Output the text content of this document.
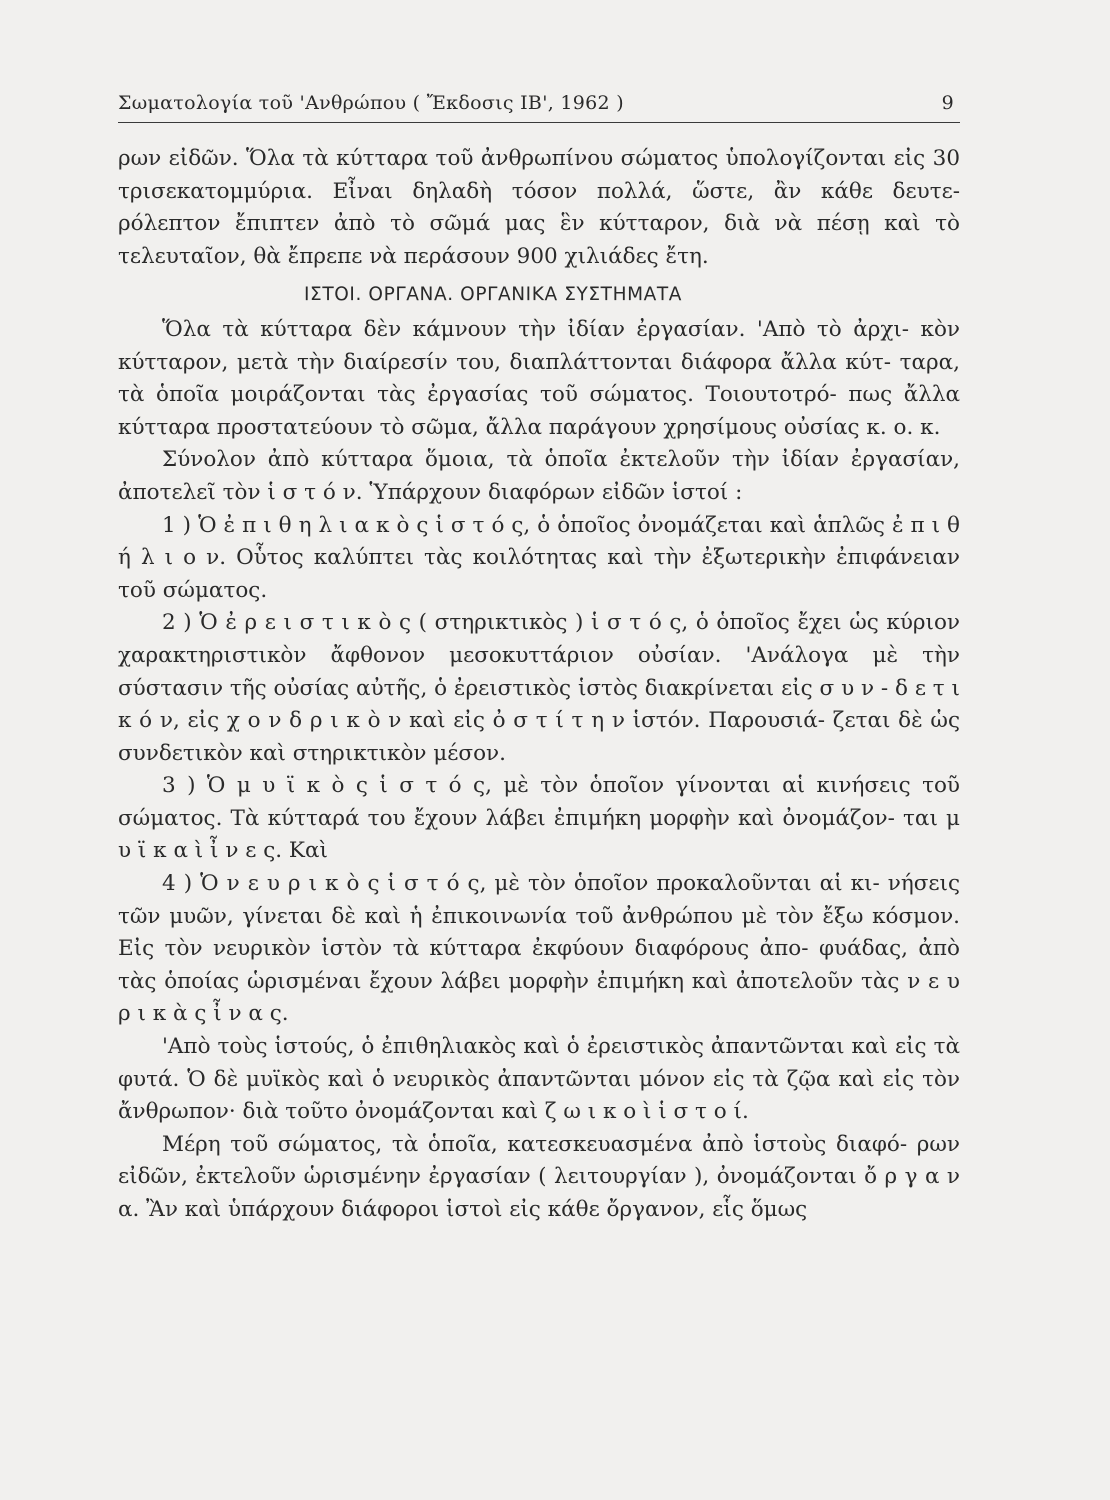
Σωματολογία τοῦ 'Ανθρώπου ( Ἔκδοσις ΙΒ', 1962 )	9

ρων εἰδῶν. Ὅλα τὰ κύτταρα τοῦ ἀνθρωπίνου σώματος ὑπολογίζονται εἰς 30 τρισεκατομμύρια. Εἶναι δηλαδὴ τόσον πολλά, ὥστε, ἂν κάθε δευτε- ρόλεπτον ἔπιπτεν ἀπὸ τὸ σῶμά μας ἓν κύτταρον, διὰ νὰ πέσῃ καὶ τὸ τελευταῖον, θὰ ἔπρεπε νὰ περάσουν 900 χιλιάδες ἔτη.

ΙΣΤΟΙ. ΟΡΓΑΝΑ. ΟΡΓΑΝΙΚΑ ΣΥΣΤΗΜΑΤΑ

Ὅλα τὰ κύτταρα δὲν κάμνουν τὴν ἰδίαν ἐργασίαν. 'Απὸ τὸ ἀρχι- κὸν κύτταρον, μετὰ τὴν διαίρεσίν του, διαπλάττονται διάφορα ἄλλα κύτ- ταρα, τὰ ὁποῖα μοιράζονται τὰς ἐργασίας τοῦ σώματος. Τοιουτοτρό- πως ἄλλα κύτταρα προστατεύουν τὸ σῶμα, ἄλλα παράγουν χρησίμους οὐσίας κ. ο. κ.

Σύνολον ἀπὸ κύτταρα ὅμοια, τὰ ὁποῖα ἐκτελοῦν τὴν ἰδίαν ἐργασίαν, ἀποτελεῖ τὸν ἱ σ τ ό ν. Ὑπάρχουν διαφόρων εἰδῶν ἱστοί :

1 ) Ὁ ἐ π ι θ η λ ι α κ ὸ ς ἱ σ τ ό ς, ὁ ὁποῖος ὀνομάζεται καὶ ἁπλῶς ἐ π ι θ ή λ ι ο ν. Οὗτος καλύπτει τὰς κοιλότητας καὶ τὴν ἐξωτερικὴν ἐπιφάνειαν τοῦ σώματος.

2 ) Ὁ ἐ ρ ε ι σ τ ι κ ὸ ς ( στηρικτικὸς ) ἱ σ τ ό ς, ὁ ὁποῖος ἔχει ὡς κύριον χαρακτηριστικὸν ἄφθονον μεσοκυττάριον οὐσίαν. 'Ανάλογα μὲ τὴν σύστασιν τῆς οὐσίας αὐτῆς, ὁ ἐρειστικὸς ἱστὸς διακρίνεται εἰς σ υ ν - δ ε τ ι κ ό ν, εἰς χ ο ν δ ρ ι κ ὸ ν καὶ εἰς ὀ σ τ ί τ η ν ἱστόν. Παρουσιά- ζεται δὲ ὡς συνδετικὸν καὶ στηρικτικὸν μέσον.

3 ) Ὁ μ υ ϊ κ ὸ ς ἱ σ τ ό ς, μὲ τὸν ὁποῖον γίνονται αἱ κινήσεις τοῦ σώματος. Τὰ κύτταρά του ἔχουν λάβει ἐπιμήκη μορφὴν καὶ ὀνομάζον- ται μ υ ϊ κ α ὶ ἶ ν ε ς. Καὶ

4 ) Ὁ ν ε υ ρ ι κ ὸ ς ἱ σ τ ό ς, μὲ τὸν ὁποῖον προκαλοῦνται αἱ κι- νήσεις τῶν μυῶν, γίνεται δὲ καὶ ἡ ἐπικοινωνία τοῦ ἀνθρώπου μὲ τὸν ἔξω κόσμον. Εἰς τὸν νευρικὸν ἱστὸν τὰ κύτταρα ἐκφύουν διαφόρους ἀπο- φυάδας, ἀπὸ τὰς ὁποίας ὡρισμέναι ἔχουν λάβει μορφὴν ἐπιμήκη καὶ ἀποτελοῦν τὰς ν ε υ ρ ι κ ὰ ς ἶ ν α ς.

'Απὸ τοὺς ἱστούς, ὁ ἐπιθηλιακὸς καὶ ὁ ἐρειστικὸς ἀπαντῶνται καὶ εἰς τὰ φυτά. Ὁ δὲ μυϊκὸς καὶ ὁ νευρικὸς ἀπαντῶνται μόνον εἰς τὰ ζῷα καὶ εἰς τὸν ἄνθρωπον· διὰ τοῦτο ὀνομάζονται καὶ ζ ω ι κ ο ὶ ἱ σ τ ο ί.

Μέρη τοῦ σώματος, τὰ ὁποῖα, κατεσκευασμένα ἀπὸ ἱστοὺς διαφό- ρων εἰδῶν, ἐκτελοῦν ὡρισμένην ἐργασίαν ( λειτουργίαν ), ὀνομάζονται ὄ ρ γ α ν α. Ἂν καὶ ὑπάρχουν διάφοροι ἱστοὶ εἰς κάθε ὄργανον, εἷς ὅμως
